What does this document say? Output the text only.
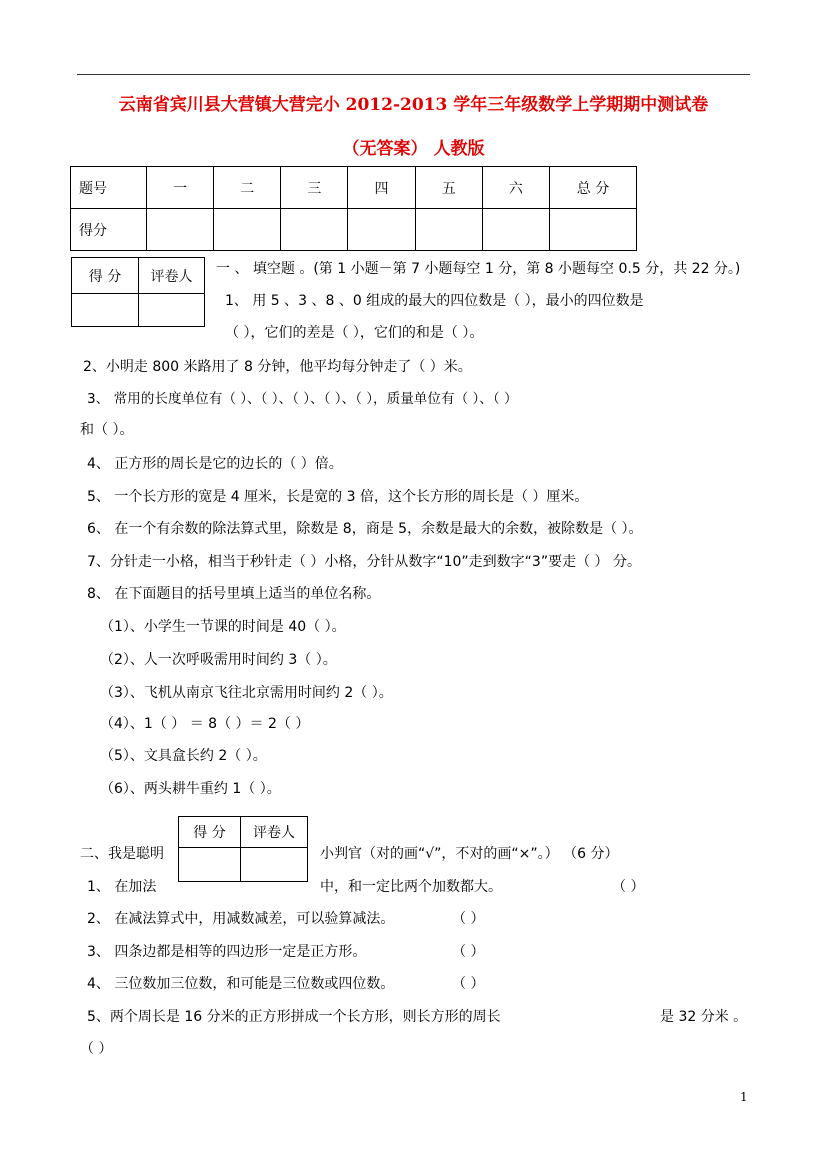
云南省宾川县大营镇大营完小 2012-2013 学年三年级数学上学期期中测试卷
（无答案） 人教版
题号	一	二	三	四	五	六	总 分
得分							
得 分	评卷人
	一 、 填空题 。(第 1 小题－第 7 小题每空 1 分，第 8 小题每空 0.5 分，共 22 分。)
1、 用 5 、3 、8 、0 组成的最大的四位数是（ ），最小的四位数是
（ ），它们的差是（ ），它们的和是（ ）。
2、小明走 800 米路用了 8 分钟，他平均每分钟走了（ ）米。
3、 常用的长度单位有（ ）、（ ）、（ ）、（ ）、（ ），质量单位有（ ）、（ ）
和（ ）。
4、 正方形的周长是它的边长的（ ）倍。
5、 一个长方形的宽是 4 厘米，长是宽的 3 倍，这个长方形的周长是（ ）厘米。
6、 在一个有余数的除法算式里，除数是 8，商是 5，余数是最大的余数，被除数是（ ）。
7、分针走一小格，相当于秒针走（ ）小格，分针从数字“10”走到数字“3”要走（ ） 分。
8、 在下面题目的括号里填上适当的单位名称。
（1）、小学生一节课的时间是 40（ ）。
（2）、人一次呼吸需用时间约 3（ ）。
（3）、飞机从南京飞往北京需用时间约 2（ ）。
（4）、1（ ） ＝ 8（ ）＝ 2（ ）
（5）、文具盒长约 2（ ）。
（6）、两头耕牛重约 1（ ）。
得 分	评卷人

二、我是聪明	小判官（对的画“√”，不对的画“×”。） （6 分）
1、 在加法	中，和一定比两个加数都大。	（ ）
2、 在减法算式中，用减数减差，可以验算减法。	（ ）
3、 四条边都是相等的四边形一定是正方形。	（ ）
4、 三位数加三位数，和可能是三位数或四位数。	（ ）
5、两个周长是 16 分米的正方形拼成一个长方形，则长方形的周长	是 32 分米 。
（ ）
1
